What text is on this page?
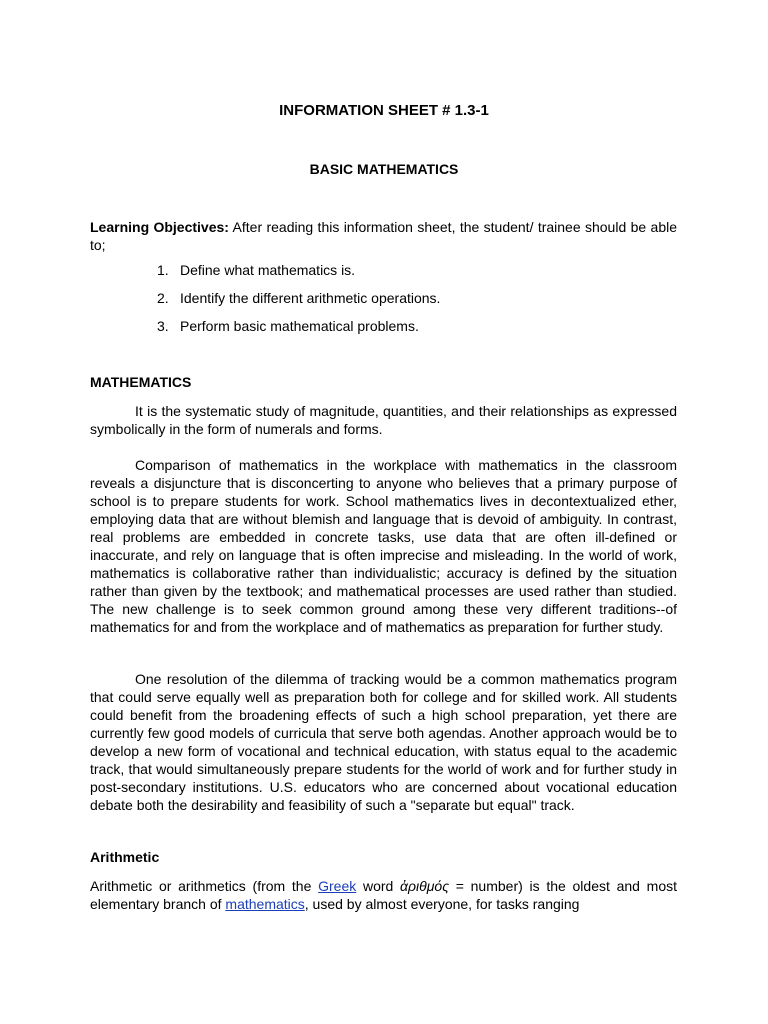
INFORMATION SHEET # 1.3-1
BASIC MATHEMATICS
Learning Objectives: After reading this information sheet, the student/ trainee should be able to;
1. Define what mathematics is.
2. Identify the different arithmetic operations.
3. Perform basic mathematical problems.
MATHEMATICS
It is the systematic study of magnitude, quantities, and their relationships as expressed symbolically in the form of numerals and forms.
Comparison of mathematics in the workplace with mathematics in the classroom reveals a disjuncture that is disconcerting to anyone who believes that a primary purpose of school is to prepare students for work. School mathematics lives in decontextualized ether, employing data that are without blemish and language that is devoid of ambiguity. In contrast, real problems are embedded in concrete tasks, use data that are often ill-defined or inaccurate, and rely on language that is often imprecise and misleading. In the world of work, mathematics is collaborative rather than individualistic; accuracy is defined by the situation rather than given by the textbook; and mathematical processes are used rather than studied. The new challenge is to seek common ground among these very different traditions--of mathematics for and from the workplace and of mathematics as preparation for further study.
One resolution of the dilemma of tracking would be a common mathematics program that could serve equally well as preparation both for college and for skilled work. All students could benefit from the broadening effects of such a high school preparation, yet there are currently few good models of curricula that serve both agendas. Another approach would be to develop a new form of vocational and technical education, with status equal to the academic track, that would simultaneously prepare students for the world of work and for further study in post-secondary institutions. U.S. educators who are concerned about vocational education debate both the desirability and feasibility of such a "separate but equal" track.
Arithmetic
Arithmetic or arithmetics (from the Greek word ἀριθμός = number) is the oldest and most elementary branch of mathematics, used by almost everyone, for tasks ranging
